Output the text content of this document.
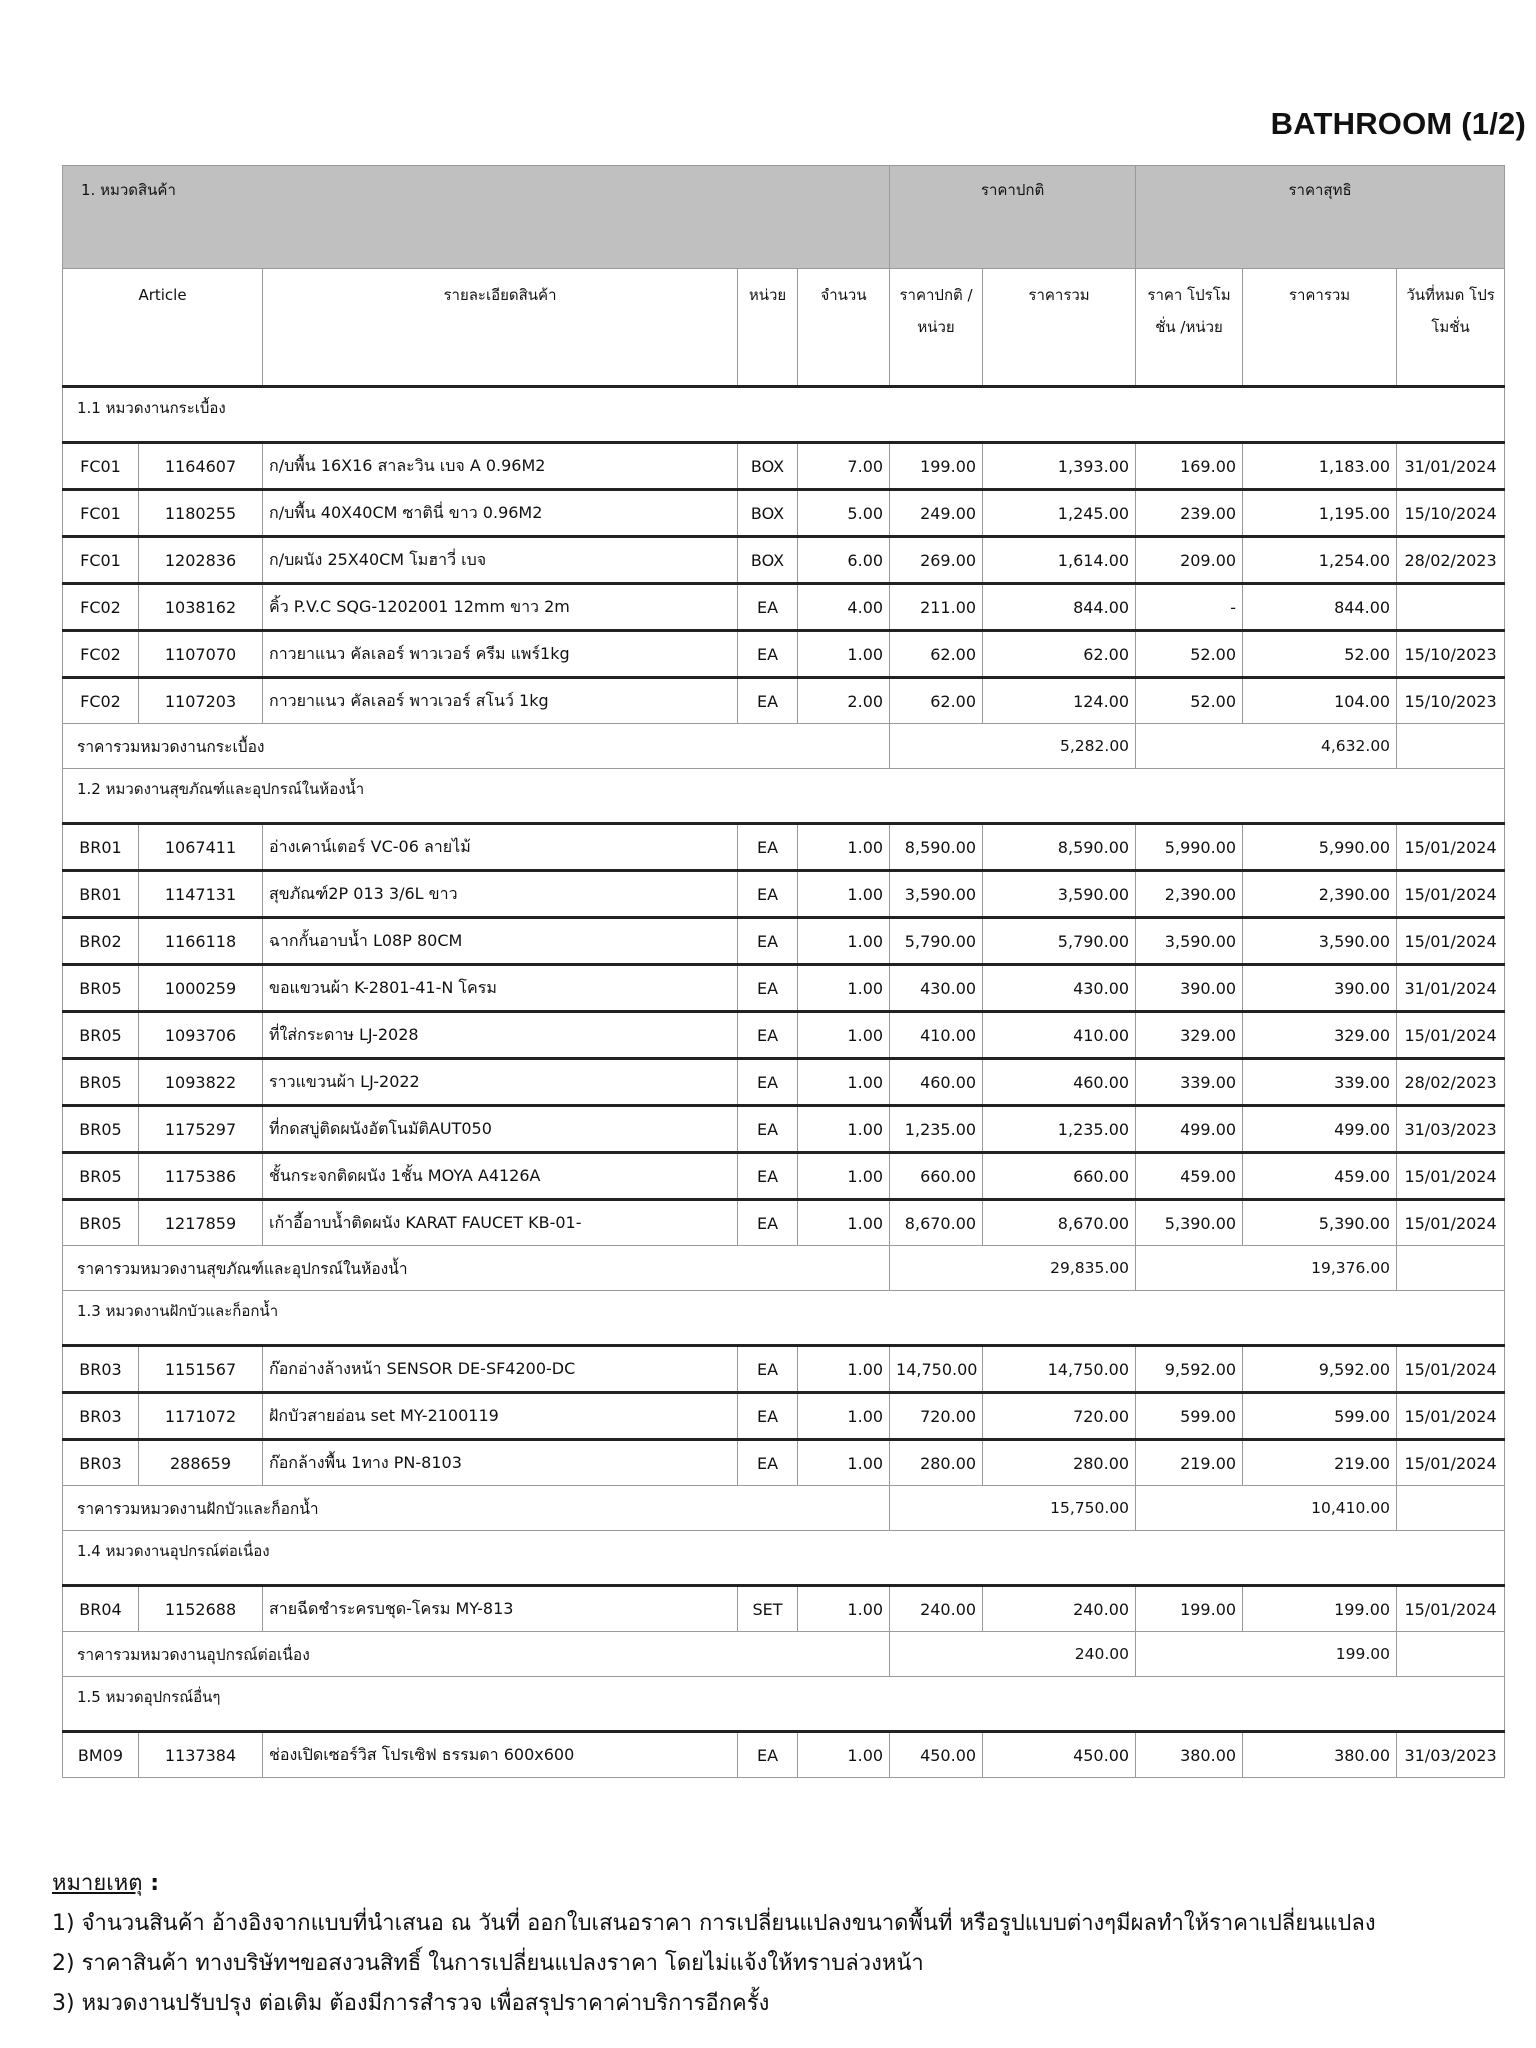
BATHROOM (1/2)
1. หมวดสินค้า					ราคาปกติ		ราคาสุทธิ		
Article		รายละเอียดสินค้า	หน่วย	จำนวน	ราคาปกติ /หน่วย	ราคารวม	ราคา โปรโมชั่น /หน่วย	ราคารวม	วันที่หมด โปรโมชั่น
1.1 หมวดงานกระเบื้อง									
FC01	1164607	ก/บพื้น 16X16 สาละวิน เบจ A 0.96M2	BOX	7.00	199.00	1,393.00	169.00	1,183.00	31/01/2024
FC01	1180255	ก/บพื้น 40X40CM ซาตินี่ ขาว 0.96M2	BOX	5.00	249.00	1,245.00	239.00	1,195.00	15/10/2024
FC01	1202836	ก/บผนัง 25X40CM โมฮาวี่ เบจ	BOX	6.00	269.00	1,614.00	209.00	1,254.00	28/02/2023
FC02	1038162	คิ้ว P.V.C SQG-1202001 12mm ขาว 2m	EA	4.00	211.00	844.00	-	844.00	
FC02	1107070	กาวยาแนว คัลเลอร์ พาวเวอร์ ครีม แพร์1kg	EA	1.00	62.00	62.00	52.00	52.00	15/10/2023
FC02	1107203	กาวยาแนว คัลเลอร์ พาวเวอร์ สโนว์ 1kg	EA	2.00	62.00	124.00	52.00	104.00	15/10/2023
ราคารวมหมวดงานกระเบื้อง					5,282.00		4,632.00		
1.2 หมวดงานสุขภัณฑ์และอุปกรณ์ในห้องน้ำ									
BR01	1067411	อ่างเคาน์เตอร์ VC-06 ลายไม้	EA	1.00	8,590.00	8,590.00	5,990.00	5,990.00	15/01/2024
BR01	1147131	สุขภัณฑ์2P 013 3/6L ขาว	EA	1.00	3,590.00	3,590.00	2,390.00	2,390.00	15/01/2024
BR02	1166118	ฉากกั้นอาบน้ำ L08P 80CM	EA	1.00	5,790.00	5,790.00	3,590.00	3,590.00	15/01/2024
BR05	1000259	ขอแขวนผ้า K-2801-41-N โครม	EA	1.00	430.00	430.00	390.00	390.00	31/01/2024
BR05	1093706	ที่ใส่กระดาษ LJ-2028	EA	1.00	410.00	410.00	329.00	329.00	15/01/2024
BR05	1093822	ราวแขวนผ้า LJ-2022	EA	1.00	460.00	460.00	339.00	339.00	28/02/2023
BR05	1175297	ที่กดสบู่ติดผนังอัตโนมัติAUT050	EA	1.00	1,235.00	1,235.00	499.00	499.00	31/03/2023
BR05	1175386	ชั้นกระจกติดผนัง 1ชั้น MOYA A4126A	EA	1.00	660.00	660.00	459.00	459.00	15/01/2024
BR05	1217859	เก้าอี้อาบน้ำติดผนัง KARAT FAUCET KB-01-	EA	1.00	8,670.00	8,670.00	5,390.00	5,390.00	15/01/2024
ราคารวมหมวดงานสุขภัณฑ์และอุปกรณ์ในห้องน้ำ					29,835.00		19,376.00		
1.3 หมวดงานฝักบัวและก็อกน้ำ									
BR03	1151567	ก๊อกอ่างล้างหน้า SENSOR DE-SF4200-DC	EA	1.00	14,750.00	14,750.00	9,592.00	9,592.00	15/01/2024
BR03	1171072	ฝักบัวสายอ่อน set MY-2100119	EA	1.00	720.00	720.00	599.00	599.00	15/01/2024
BR03	288659	ก๊อกล้างพื้น 1ทาง PN-8103	EA	1.00	280.00	280.00	219.00	219.00	15/01/2024
ราคารวมหมวดงานฝักบัวและก็อกน้ำ					15,750.00		10,410.00		
1.4 หมวดงานอุปกรณ์ต่อเนื่อง									
BR04	1152688	สายฉีดชำระครบชุด-โครม MY-813	SET	1.00	240.00	240.00	199.00	199.00	15/01/2024
ราคารวมหมวดงานอุปกรณ์ต่อเนื่อง					240.00		199.00		
1.5 หมวดอุปกรณ์อื่นๆ									
BM09	1137384	ช่องเปิดเซอร์วิส โปรเซิฟ ธรรมดา 600x600	EA	1.00	450.00	450.00	380.00	380.00	31/03/2023
หมายเหตุ :
1) จำนวนสินค้า อ้างอิงจากแบบที่นำเสนอ ณ วันที่ ออกใบเสนอราคา การเปลี่ยนแปลงขนาดพื้นที่ หรือรูปแบบต่างๆมีผลทำให้ราคาเปลี่ยนแปลง
2) ราคาสินค้า ทางบริษัทฯขอสงวนสิทธิ์ ในการเปลี่ยนแปลงราคา โดยไม่แจ้งให้ทราบล่วงหน้า
3) หมวดงานปรับปรุง ต่อเติม ต้องมีการสำรวจ เพื่อสรุปราคาค่าบริการอีกครั้ง
